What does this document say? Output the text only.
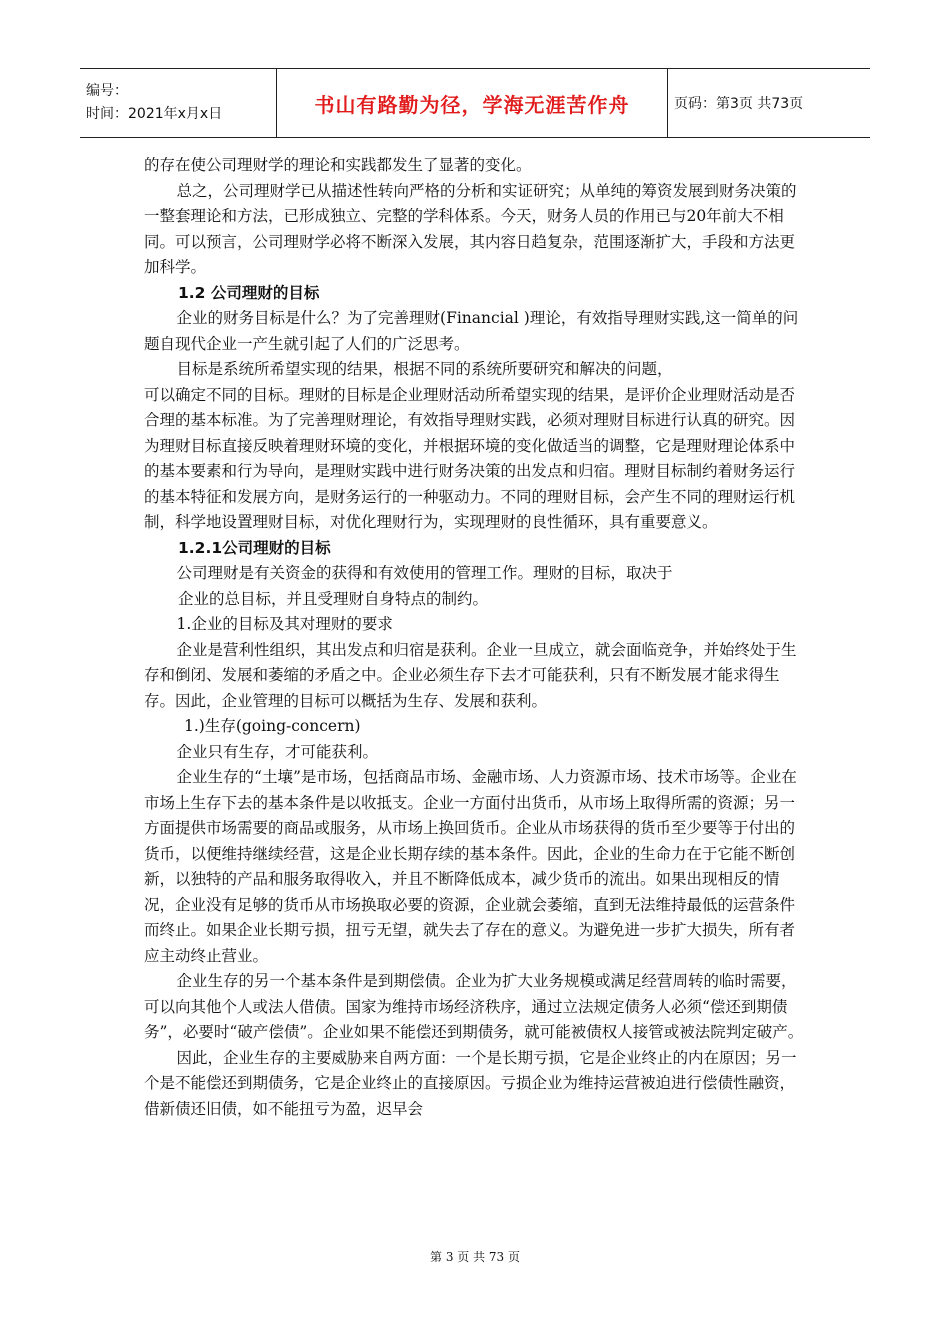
编号：
时间：2021年x月x日	书山有路勤为径，学海无涯苦作舟	页码：第3页 共73页

的存在使公司理财学的理论和实践都发生了显著的变化。

总之，公司理财学已从描述性转向严格的分析和实证研究；从单纯的筹资发展到财务决策的一整套理论和方法，已形成独立、完整的学科体系。今天，财务人员的作用已与20年前大不相同。可以预言，公司理财学必将不断深入发展，其内容日趋复杂，范围逐渐扩大，手段和方法更加科学。

1.2 公司理财的目标

企业的财务目标是什么？为了完善理财(Financial )理论，有效指导理财实践,这一简单的问题自现代企业一产生就引起了人们的广泛思考。

目标是系统所希望实现的结果，根据不同的系统所要研究和解决的问题，

可以确定不同的目标。理财的目标是企业理财活动所希望实现的结果，是评价企业理财活动是否合理的基本标准。为了完善理财理论，有效指导理财实践，必须对理财目标进行认真的研究。因为理财目标直接反映着理财环境的变化，并根据环境的变化做适当的调整，它是理财理论体系中的基本要素和行为导向，是理财实践中进行财务决策的出发点和归宿。理财目标制约着财务运行的基本特征和发展方向，是财务运行的一种驱动力。不同的理财目标，会产生不同的理财运行机制，科学地设置理财目标，对优化理财行为，实现理财的良性循环，具有重要意义。

1.2.1公司理财的目标

公司理财是有关资金的获得和有效使用的管理工作。理财的目标，取决于

企业的总目标，并且受理财自身特点的制约。

1.企业的目标及其对理财的要求

企业是营利性组织，其出发点和归宿是获利。企业一旦成立，就会面临竞争，并始终处于生存和倒闭、发展和萎缩的矛盾之中。企业必须生存下去才可能获利，只有不断发展才能求得生存。因此，企业管理的目标可以概括为生存、发展和获利。

1.)生存(going-concern)

企业只有生存，才可能获利。

企业生存的“土壤”是市场，包括商品市场、金融市场、人力资源市场、技术市场等。企业在市场上生存下去的基本条件是以收抵支。企业一方面付出货币，从市场上取得所需的资源；另一方面提供市场需要的商品或服务，从市场上换回货币。企业从市场获得的货币至少要等于付出的货币，以便维持继续经营，这是企业长期存续的基本条件。因此，企业的生命力在于它能不断创新，以独特的产品和服务取得收入，并且不断降低成本，减少货币的流出。如果出现相反的情况，企业没有足够的货币从市场换取必要的资源，企业就会萎缩，直到无法维持最低的运营条件而终止。如果企业长期亏损，扭亏无望，就失去了存在的意义。为避免进一步扩大损失，所有者应主动终止营业。

企业生存的另一个基本条件是到期偿债。企业为扩大业务规模或满足经营周转的临时需要，可以向其他个人或法人借债。国家为维持市场经济秩序，通过立法规定债务人必须“偿还到期债务”，必要时“破产偿债”。企业如果不能偿还到期债务，就可能被债权人接管或被法院判定破产。

因此，企业生存的主要威胁来自两方面：一个是长期亏损，它是企业终止的内在原因；另一个是不能偿还到期债务，它是企业终止的直接原因。亏损企业为维持运营被迫进行偿债性融资，借新债还旧债，如不能扭亏为盈，迟早会

第 3 页 共 73 页
